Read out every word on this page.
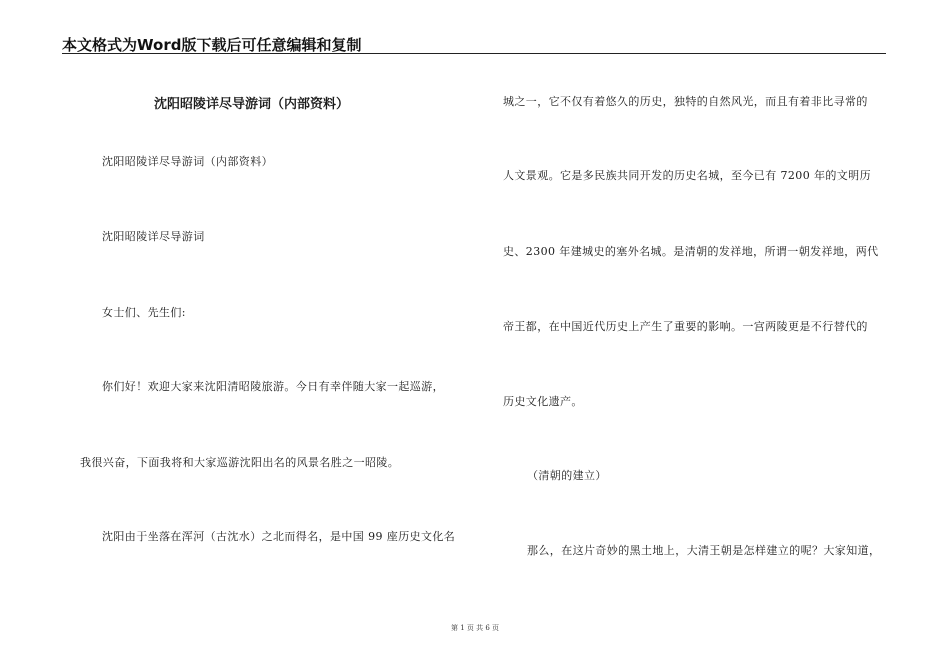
本文格式为Word版下载后可任意编辑和复制
沈阳昭陵详尽导游词（内部资料）
沈阳昭陵详尽导游词（内部资料）
沈阳昭陵详尽导游词
女士们、先生们:
你们好！欢迎大家来沈阳清昭陵旅游。今日有幸伴随大家一起巡游，
我很兴奋，下面我将和大家巡游沈阳出名的风景名胜之一昭陵。
沈阳由于坐落在浑河（古沈水）之北而得名，是中国 99 座历史文化名
城之一，它不仅有着悠久的历史，独特的自然风光，而且有着非比寻常的
人文景观。它是多民族共同开发的历史名城，至今已有 7200 年的文明历
史、2300 年建城史的塞外名城。是清朝的发祥地，所谓一朝发祥地，两代
帝王都，在中国近代历史上产生了重要的影响。一宫两陵更是不行替代的
历史文化遗产。
（清朝的建立）
那么，在这片奇妙的黑土地上，大清王朝是怎样建立的呢？大家知道，
第 1 页 共 6 页
